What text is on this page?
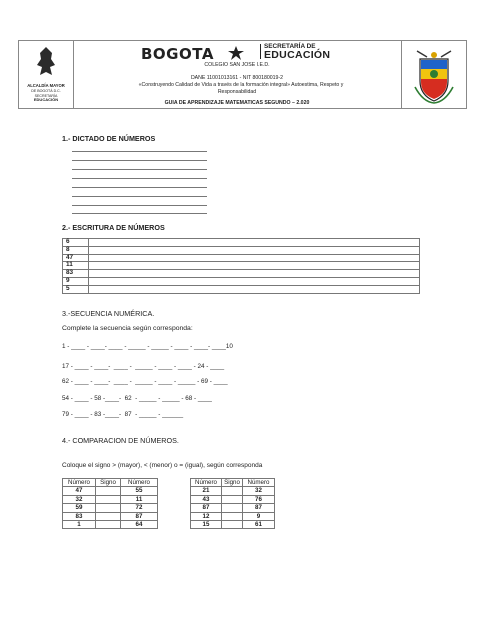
ALCALDÍA MAYOR
DE BOGOTÁ D.C.
SECRETARÍA
EDUCACIÓN
BOGOTA	SECRETARÍA DE
EDUCACIÓN
COLEGIO SAN JOSE I.E.D.
DANE 11001013161 - NIT 800180019-2
«Construyendo Calidad de Vida a través de la formación integral» Autoestima, Respeto y
Responsabilidad
GUIA DE APRENDIZAJE MATEMATICAS SEGUNDO – 2.020
1.- DICTADO DE NÚMEROS
2.- ESCRITURA DE NÚMEROS
6	
8	
47	
11	
83	
9	
5	
3.-SECUENCIA NUMÉRICA.
Complete la secuencia según corresponda:
1 - ____ - ____- ____ - _____ - _____ - ____ - ____- ____10
17 - ____ - ____-  ____ -  _____ - ____ - ____ - 24 - ____
62 - ____ - ____-  ____ -  _____ - ____ - _____ - 69 - ____
54 - ____ - 58 -____-  62  - _____ - _____ - 68 - ____
79 - ____ - 83 -____-  87  - _____ - ______
4.- COMPARACION DE NÚMEROS.
Coloque el signo > (mayor), < (menor) o = (igual), según corresponda
Número	Signo	Número
47		55
32		11
59		72
83		87
1		64
Número	Signo	Número
21		32
43		76
87		87
12		9
15		61
